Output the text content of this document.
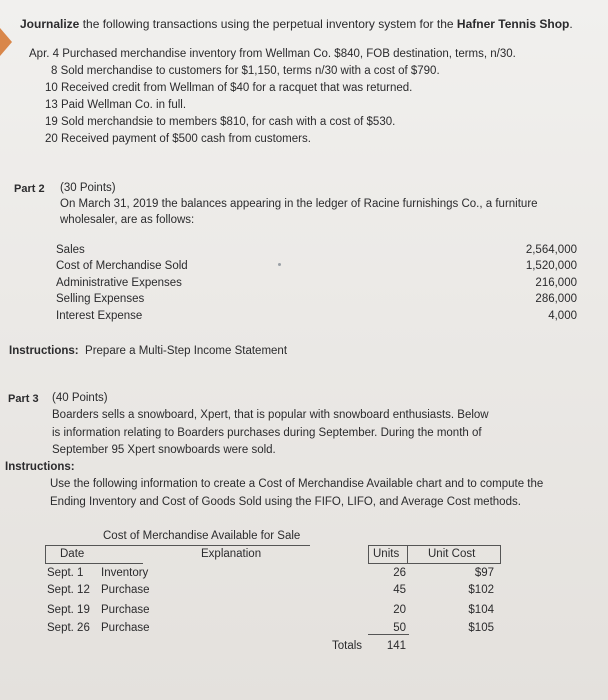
Journalize the following transactions using the perpetual inventory system for the Hafner Tennis Shop.
Apr. 4 Purchased merchandise inventory from Wellman Co. $840, FOB destination, terms, n/30.
8 Sold merchandise to customers for $1,150, terms n/30 with a cost of $790.
10 Received credit from Wellman of $40 for a racquet that was returned.
13 Paid Wellman Co. in full.
19 Sold merchandsie to members $810, for cash with a cost of $530.
20 Received payment of $500 cash from customers.
Part 2 (30 Points)
On March 31, 2019 the balances appearing in the ledger of Racine furnishings Co., a furniture
wholesaler, are as follows:
Sales	2,564,000
Cost of Merchandise Sold	1,520,000
Administrative Expenses	216,000
Selling Expenses	286,000
Interest Expense	4,000
Instructions: Prepare a Multi-Step Income Statement
Part 3 (40 Points)
Boarders sells a snowboard, Xpert, that is popular with snowboard enthusiasts. Below
is information relating to Boarders purchases during September. During the month of
September 95 Xpert snowboards were sold.
Instructions:
Use the following information to create a Cost of Merchandise Available chart and to compute the
Ending Inventory and Cost of Goods Sold using the FIFO, LIFO, and Average Cost methods.
Cost of Merchandise Available for Sale
Date	Explanation	Units	Unit Cost
Sept. 1 Inventory	26	$97
Sept. 12 Purchase	45	$102
Sept. 19 Purchase	20	$104
Sept. 26 Purchase	50	$105
Totals	141
